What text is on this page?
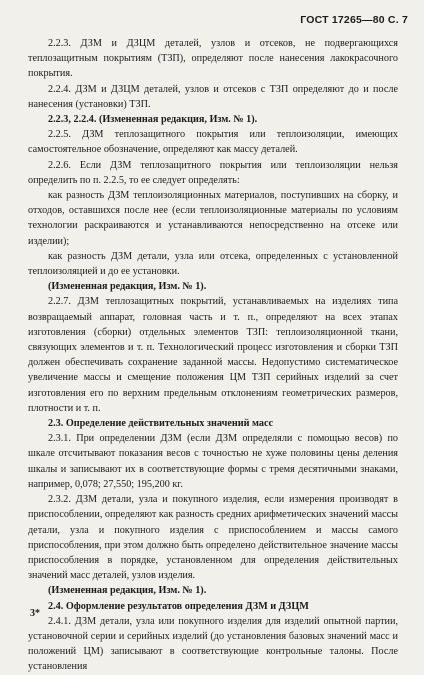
ГОСТ 17265—80 С. 7

2.2.3. ДЗМ и ДЗЦМ деталей, узлов и отсеков, не подвергающихся теплозащитным покрытиям (ТЗП), определяют после нанесения лакокрасочного покрытия.

2.2.4. ДЗМ и ДЗЦМ деталей, узлов и отсеков с ТЗП определяют до и после нанесения (установки) ТЗП.

2.2.3, 2.2.4. (Измененная редакция, Изм. № 1).

2.2.5. ДЗМ теплозащитного покрытия или теплоизоляции, имеющих самостоятельное обозначение, определяют как массу деталей.

2.2.6. Если ДЗМ теплозащитного покрытия или теплоизоляции нельзя определить по п. 2.2.5, то ее следует определять:

как разность ДЗМ теплоизоляционных материалов, поступивших на сборку, и отходов, оставшихся после нее (если теплоизоляционные материалы по условиям технологии раскраиваются и устанавливаются непосредственно на отсеке или изделии);

как разность ДЗМ детали, узла или отсека, определенных с установленной теплоизоляцией и до ее установки.

(Измененная редакция, Изм. № 1).

2.2.7. ДЗМ теплозащитных покрытий, устанавливаемых на изделиях типа возвращаемый аппарат, головная часть и т. п., определяют на всех этапах изготовления (сборки) отдельных элементов ТЗП: теплоизоляционной ткани, связующих элементов и т. п. Технологический процесс изготовления и сборки ТЗП должен обеспечивать сохранение заданной массы. Недопустимо систематическое увеличение массы и смещение положения ЦМ ТЗП серийных изделий за счет изготовления его по верхним предельным отклонениям геометрических размеров, плотности и т. п.

2.3. Определение действительных значений масс

2.3.1. При определении ДЗМ (если ДЗМ определяли с помощью весов) по шкале отсчитывают показания весов с точностью не хуже половины цены деления шкалы и записывают их в соответствующие формы с тремя десятичными знаками, например, 0,078; 27,550; 195,200 кг.

2.3.2. ДЗМ детали, узла и покупного изделия, если измерения производят в приспособлении, определяют как разность средних арифметических значений массы детали, узла и покупного изделия с приспособлением и массы самого приспособления, при этом должно быть определено действительное значение массы приспособления в порядке, установленном для определения действительных значений масс деталей, узлов изделия.

(Измененная редакция, Изм. № 1).

2.4. Оформление результатов определения ДЗМ и ДЗЦМ

2.4.1. ДЗМ детали, узла или покупного изделия для изделий опытной партии, установочной серии и серийных изделий (до установления базовых значений масс и положений ЦМ) записывают в соответствующие контрольные талоны. После установления

3*
